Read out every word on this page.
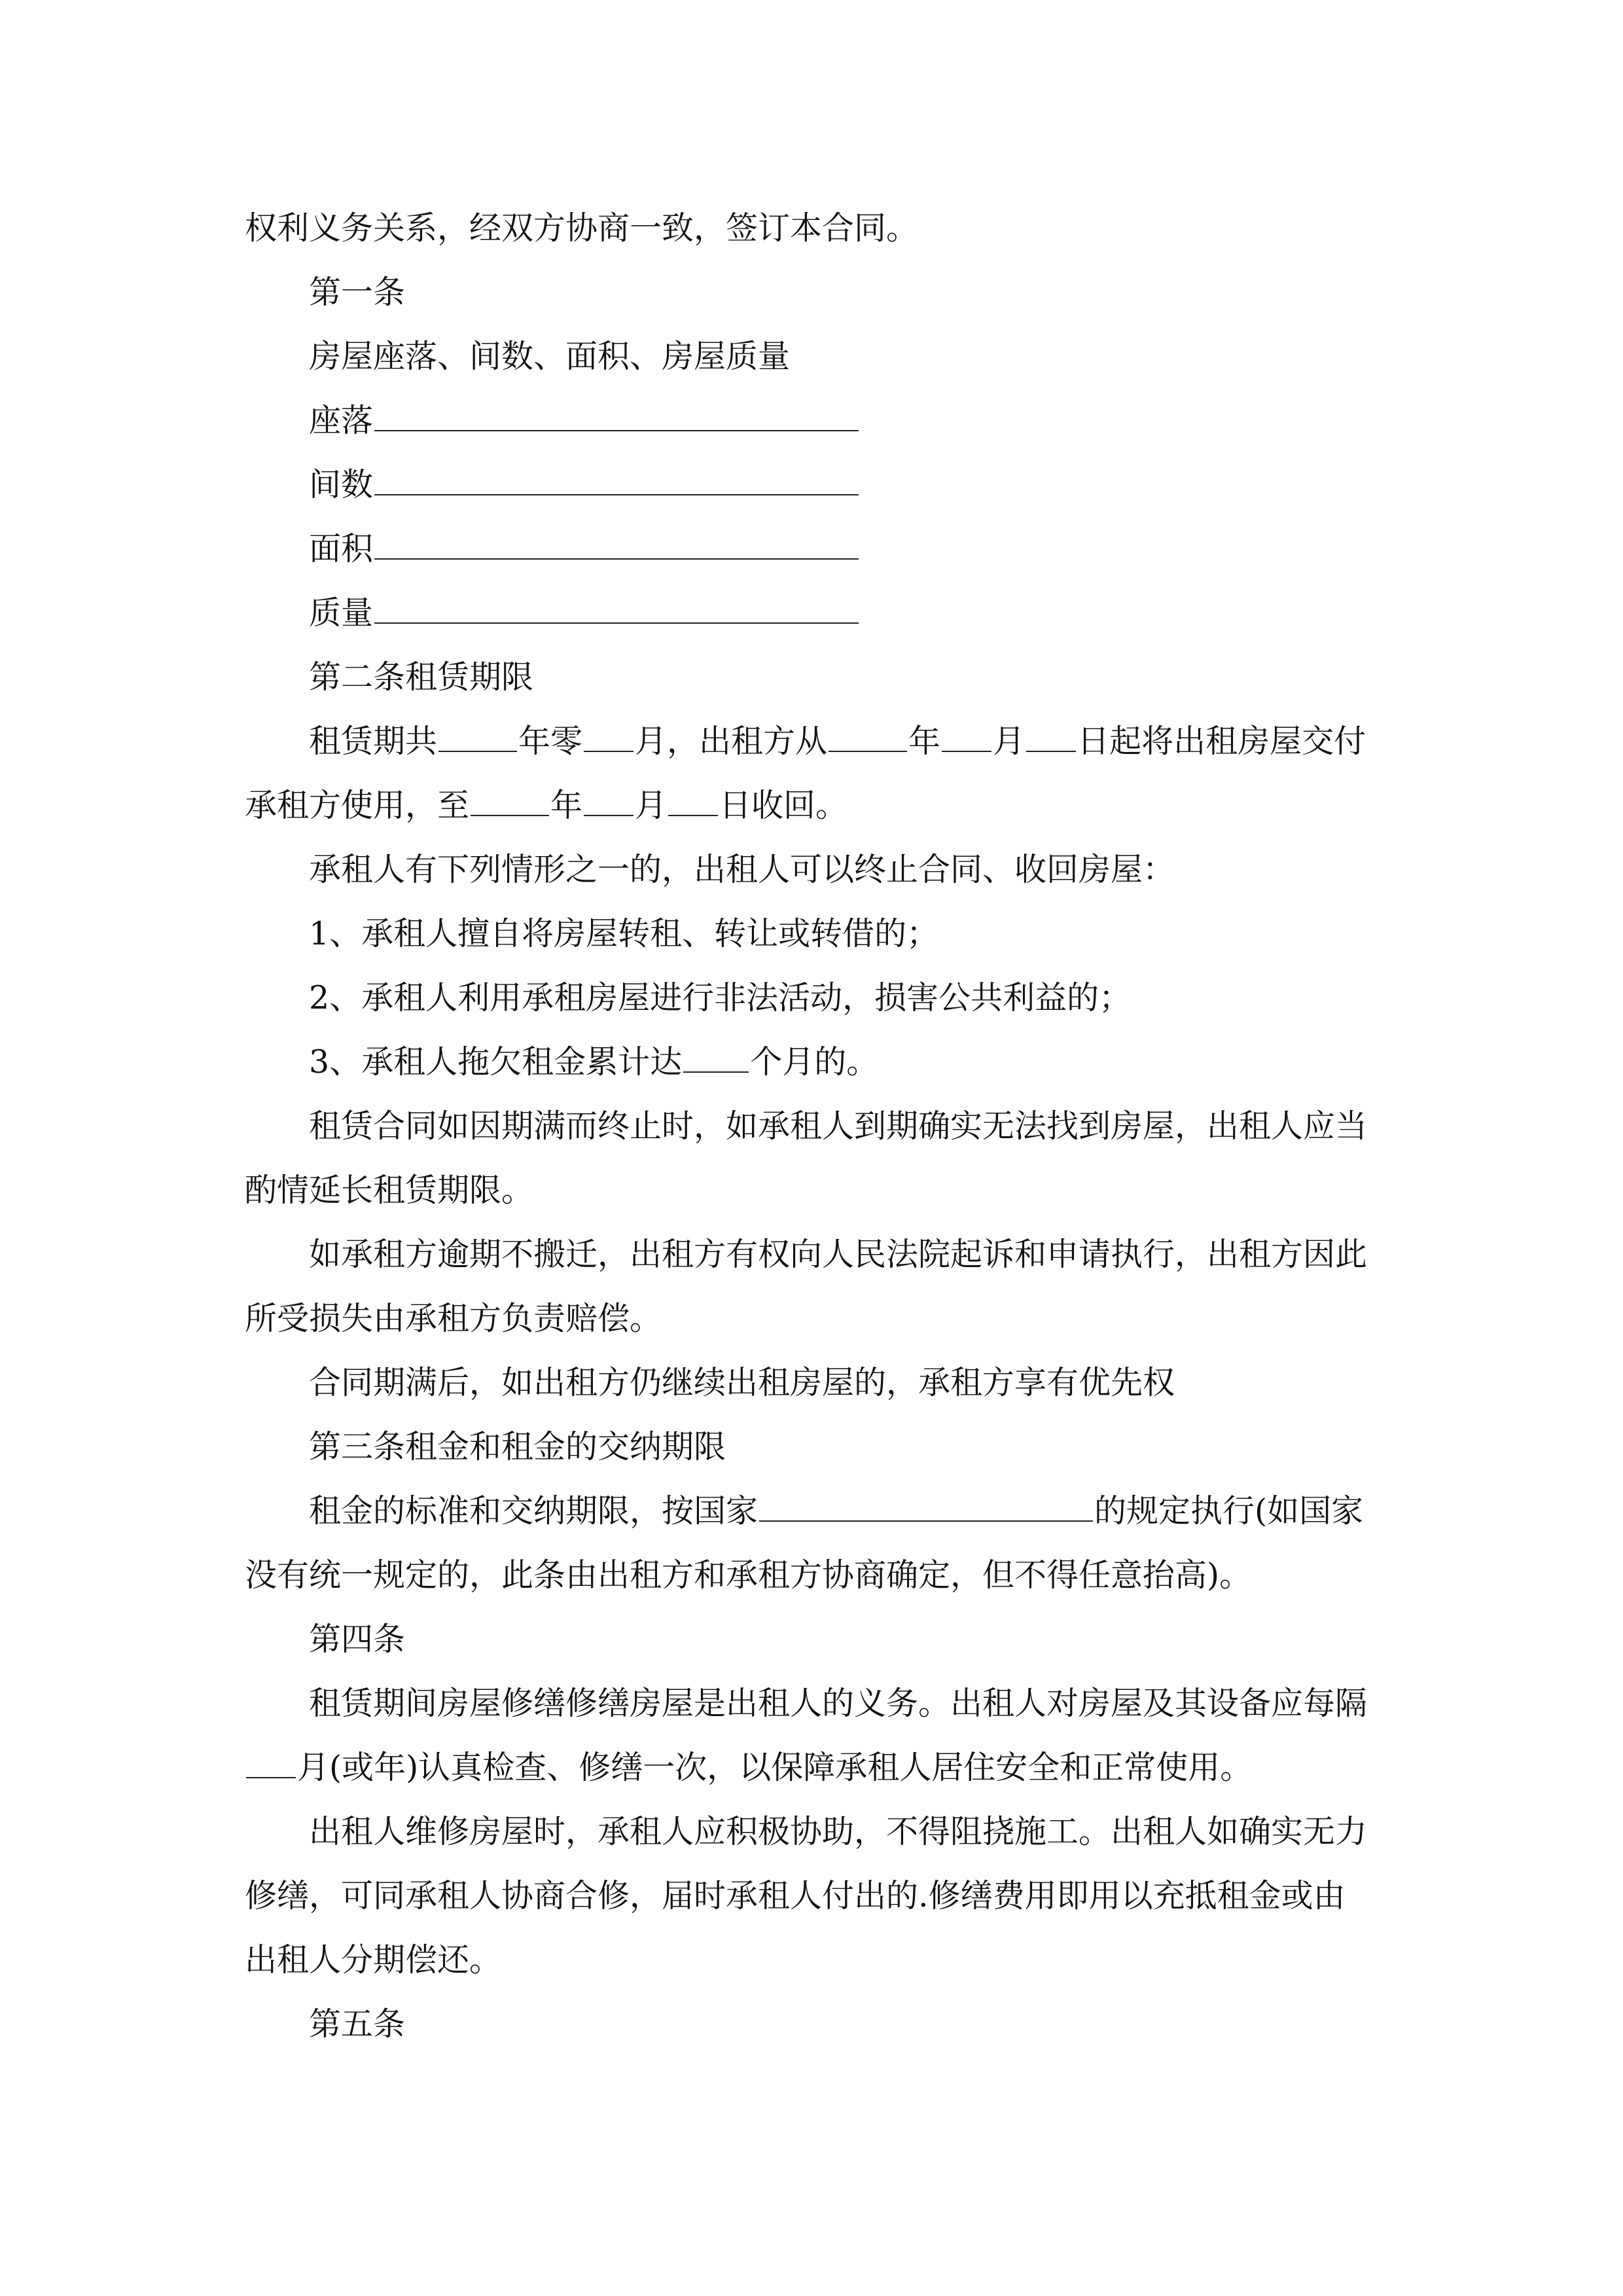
权利义务关系，经双方协商一致，签订本合同。
第一条
房屋座落、间数、面积、房屋质量
座落
间数
面积
质量
第二条租赁期限
租赁期共	年零 月，出租方从	年 月 日起将出租房屋交付
承租方使用，至	年 月 日收回。
承租人有下列情形之一的，出租人可以终止合同、收回房屋：
1、承租人擅自将房屋转租、转让或转借的；
2、承租人利用承租房屋进行非法活动，损害公共利益的；
3、承租人拖欠租金累计达 个月的。
租赁合同如因期满而终止时，如承租人到期确实无法找到房屋，出租人应当
酌情延长租赁期限。
如承租方逾期不搬迁，出租方有权向人民法院起诉和申请执行，出租方因此
所受损失由承租方负责赔偿。
合同期满后，如出租方仍继续出租房屋的，承租方享有优先权
第三条租金和租金的交纳期限
租金的标准和交纳期限，按国家	的规定执行(如国家
没有统一规定的，此条由出租方和承租方协商确定，但不得任意抬高)。
第四条
租赁期间房屋修缮修缮房屋是出租人的义务。出租人对房屋及其设备应每隔
月(或年)认真检查、修缮一次，以保障承租人居住安全和正常使用。
出租人维修房屋时，承租人应积极协助，不得阻挠施工。出租人如确实无力
修缮，可同承租人协商合修，届时承租人付出的.修缮费用即用以充抵租金或由
出租人分期偿还。
第五条
